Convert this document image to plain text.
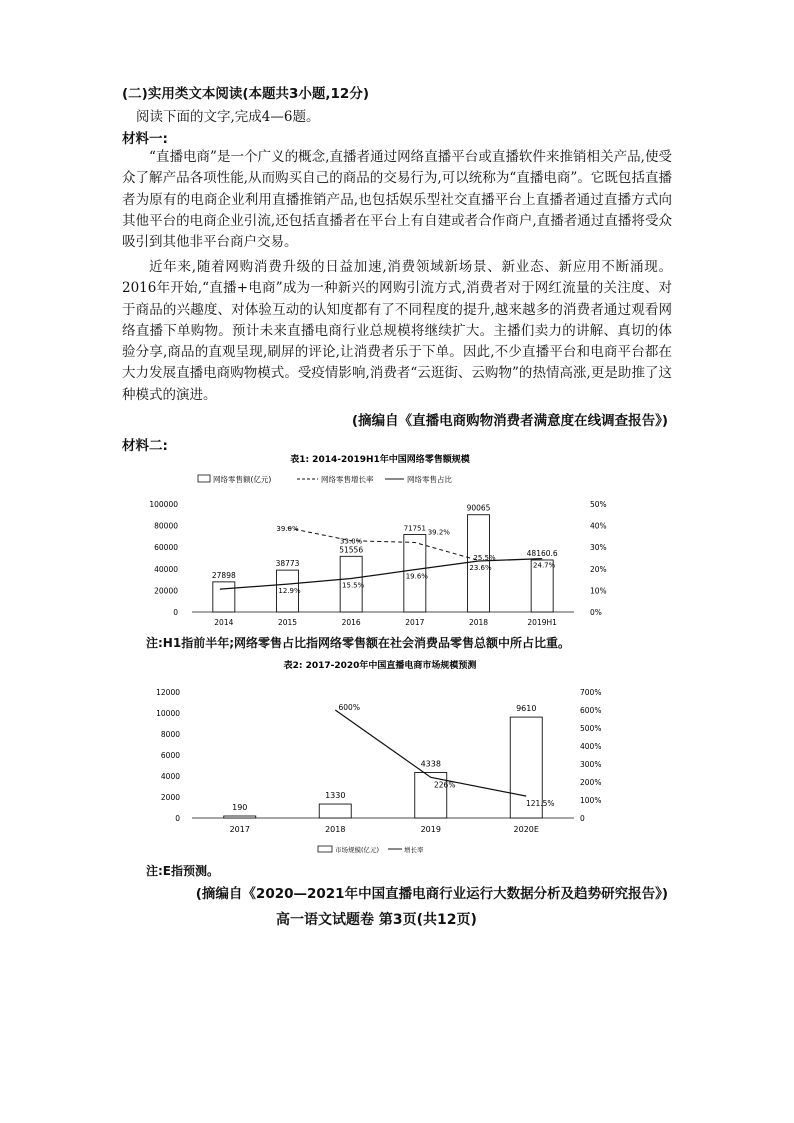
(二)实用类文本阅读(本题共3小题,12分)
阅读下面的文字,完成4—6题。
材料一:
“直播电商”是一个广义的概念,直播者通过网络直播平台或直播软件来推销相关产品,使受众了解产品各项性能,从而购买自己的商品的交易行为,可以统称为“直播电商”。它既包括直播者为原有的电商企业利用直播推销产品,也包括娱乐型社交直播平台上直播者通过直播方式向其他平台的电商企业引流,还包括直播者在平台上有自建或者合作商户,直播者通过直播将受众吸引到其他非平台商户交易。
近年来,随着网购消费升级的日益加速,消费领域新场景、新业态、新应用不断涌现。2016年开始,“直播+电商”成为一种新兴的网购引流方式,消费者对于网红流量的关注度、对于商品的兴趣度、对体验互动的认知度都有了不同程度的提升,越来越多的消费者通过观看网络直播下单购物。预计未来直播电商行业总规模将继续扩大。主播们卖力的讲解、真切的体验分享,商品的直观呈现,刷屏的评论,让消费者乐于下单。因此,不少直播平台和电商平台都在大力发展直播电商购物模式。受疫情影响,消费者“云逛街、云购物”的热情高涨,更是助推了这种模式的演进。
(摘编自《直播电商购物消费者满意度在线调查报告》)
材料二:
表1: 2014-2019H1年中国网络零售额规模
网络零售额(亿元)	网络零售增长率	网络零售占比
0
20000
40000
60000
80000
100000
0%
10%
20%
30%
40%
50%
2014	2015	2016	2017	2018	2019H1
27898
38773
51556
90065
48160.6
12.9%
15.5%
19.6%
23.6%	24.7%
39.0%
33.0%
39.2%
25.5%
71751
注:H1指前半年;网络零售占比指网络零售额在社会消费品零售总额中所占比重。
表2: 2017-2020年中国直播电商市场规模预测
0
2000
4000
6000
8000
10000
12000
0
100%
200%
300%
400%
500%
600%
700%
2017	2018	2019	2020E
190
1330
4338
9610
600%
226%
121.5%
市场规模(亿元)	增长率
注:E指预测。
(摘编自《2020—2021年中国直播电商行业运行大数据分析及趋势研究报告》)
高一语文试题卷 第3页(共12页)
